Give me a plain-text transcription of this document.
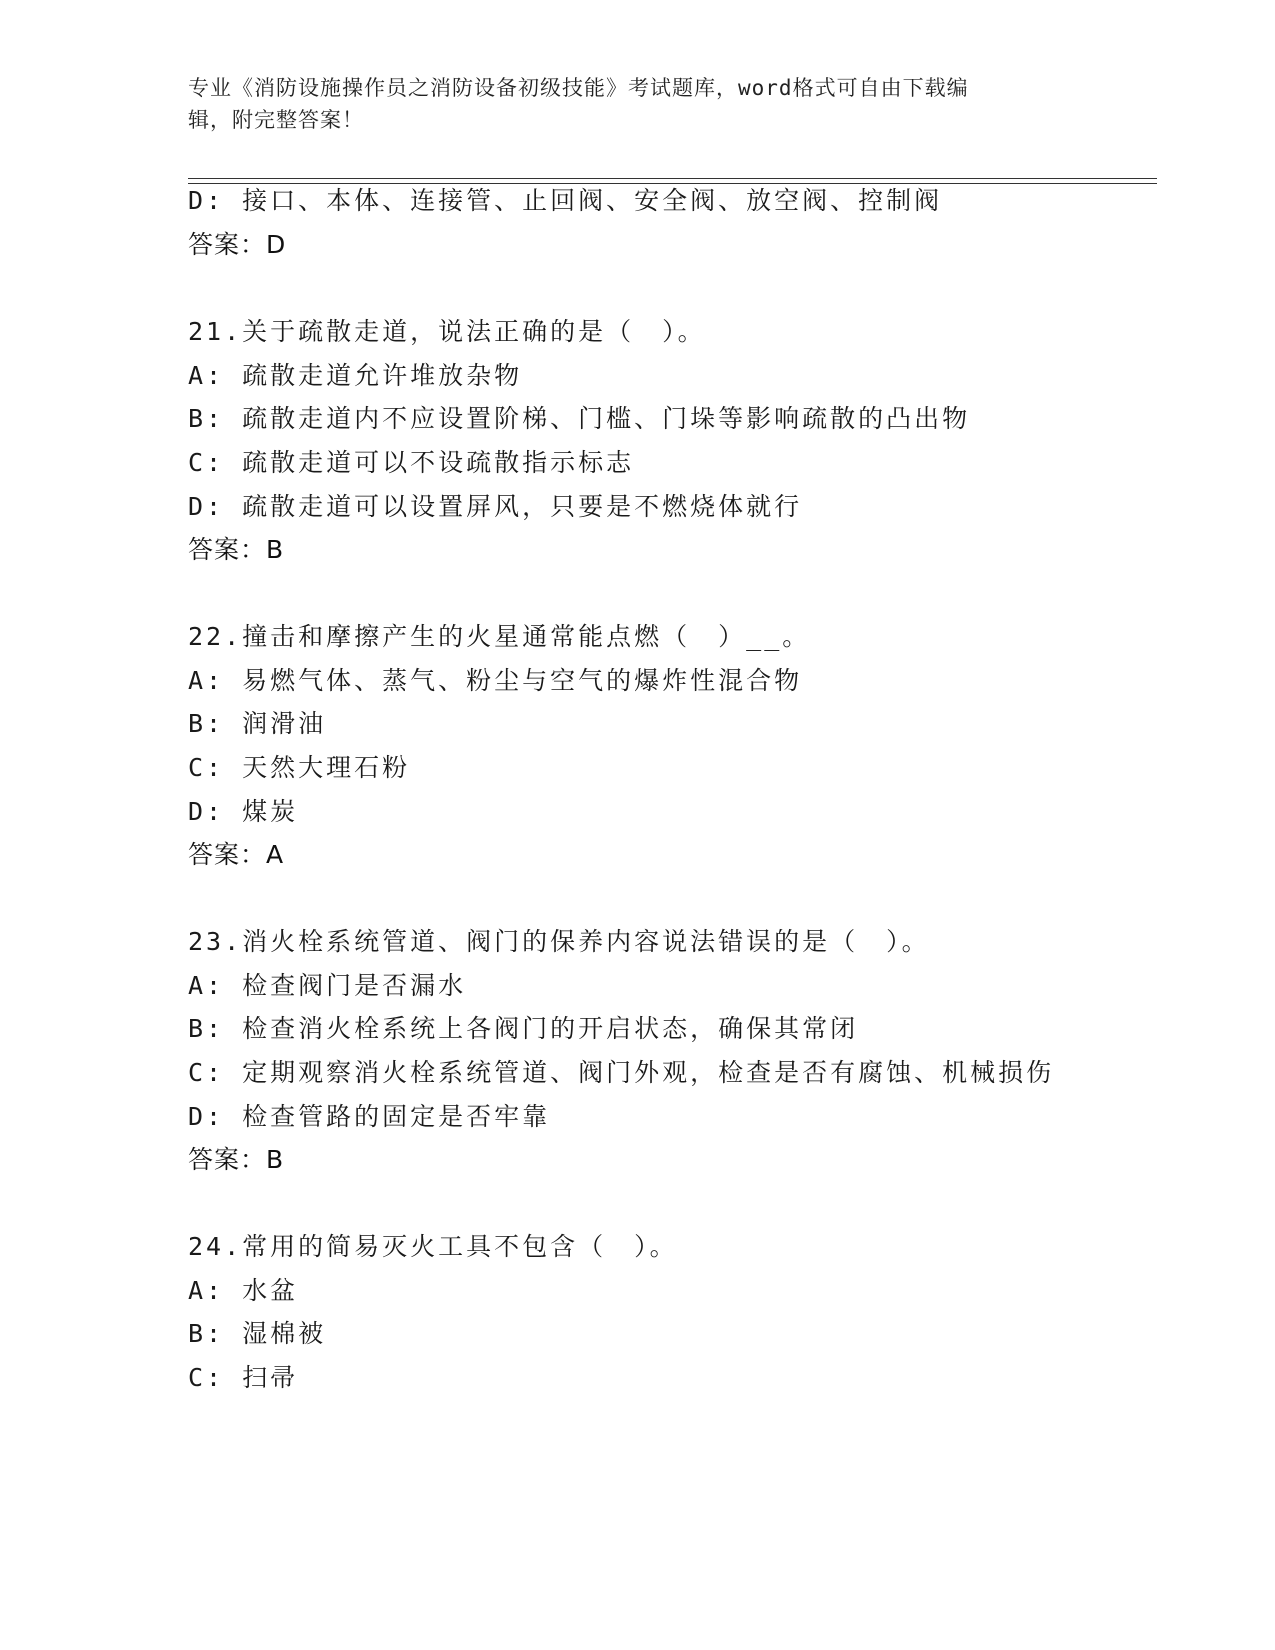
专业《消防设施操作员之消防设备初级技能》考试题库，word格式可自由下载编
辑，附完整答案！
D: 接口、本体、连接管、止回阀、安全阀、放空阀、控制阀
答案：D
21.关于疏散走道，说法正确的是（　）。
A: 疏散走道允许堆放杂物
B: 疏散走道内不应设置阶梯、门槛、门垛等影响疏散的凸出物
C: 疏散走道可以不设疏散指示标志
D: 疏散走道可以设置屏风，只要是不燃烧体就行
答案：B
22.撞击和摩擦产生的火星通常能点燃（　）__。
A: 易燃气体、蒸气、粉尘与空气的爆炸性混合物
B: 润滑油
C: 天然大理石粉
D: 煤炭
答案：A
23.消火栓系统管道、阀门的保养内容说法错误的是（　）。
A: 检查阀门是否漏水
B: 检查消火栓系统上各阀门的开启状态，确保其常闭
C: 定期观察消火栓系统管道、阀门外观，检查是否有腐蚀、机械损伤
D: 检查管路的固定是否牢靠
答案：B
24.常用的简易灭火工具不包含（　）。
A: 水盆
B: 湿棉被
C: 扫帚
